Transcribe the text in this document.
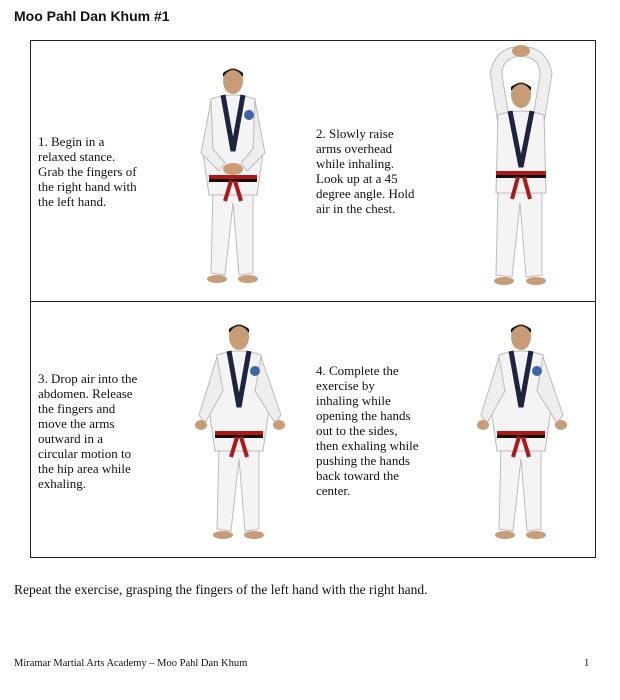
Moo Pahl Dan Khum #1
1. Begin in a
relaxed stance.
Grab the fingers of
the right hand with
the left hand.
2. Slowly raise
arms overhead
while inhaling.
Look up at a 45
degree angle. Hold
air in the chest.
3. Drop air into the
abdomen. Release
the fingers and
move the arms
outward in a
circular motion to
the hip area while
exhaling.
4. Complete the
exercise by
inhaling while
opening the hands
out to the sides,
then exhaling while
pushing the hands
back toward the
center.
Repeat the exercise, grasping the fingers of the left hand with the right hand.
Miramar Martial Arts Academy – Moo Pahl Dan Khum	1
